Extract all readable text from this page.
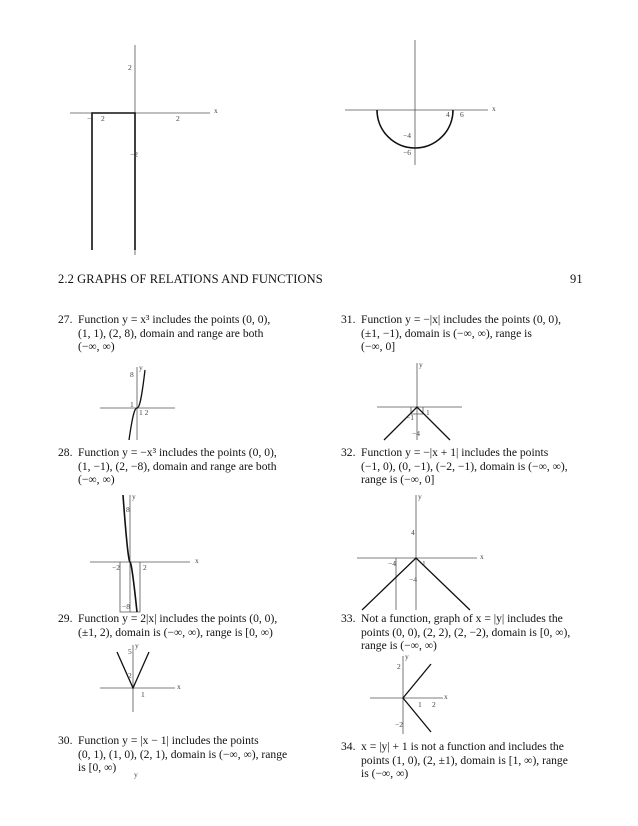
x
2
2	2
−
−2
x
4 6
−4
−6
2.2 GRAPHS OF RELATIONS AND FUNCTIONS	91
27. Function y = x³ includes the points (0, 0),
(1, 1), (2, 8), domain and range are both
(−∞, ∞)
y
8
1
1 2
28. Function y = −x³ includes the points (0, 0),
(1, −1), (2, −8), domain and range are both
(−∞, ∞)
y
x
8
−2	2
−8
29. Function y = 2|x| includes the points (0, 0),
(±1, 2), domain is (−∞, ∞), range is [0, ∞)
y
x
5
2
1
30. Function y = |x − 1| includes the points
(0, 1), (1, 0), (2, 1), domain is (−∞, ∞), range
is [0, ∞)
y
31. Function y = −|x| includes the points (0, 0),
(±1, −1), domain is (−∞, ∞), range is
(−∞, 0]
y
−1
1
−4
32. Function y = −|x + 1| includes the points
(−1, 0), (0, −1), (−2, −1), domain is (−∞, ∞),
range is (−∞, 0]
y
x
4
−4	1
−4
33. Not a function, graph of x = |y| includes the
points (0, 0), (2, 2), (2, −2), domain is [0, ∞),
range is (−∞, ∞)
y
x
2
1 2
−2
34. x = |y| + 1 is not a function and includes the
points (1, 0), (2, ±1), domain is [1, ∞), range
is (−∞, ∞)
